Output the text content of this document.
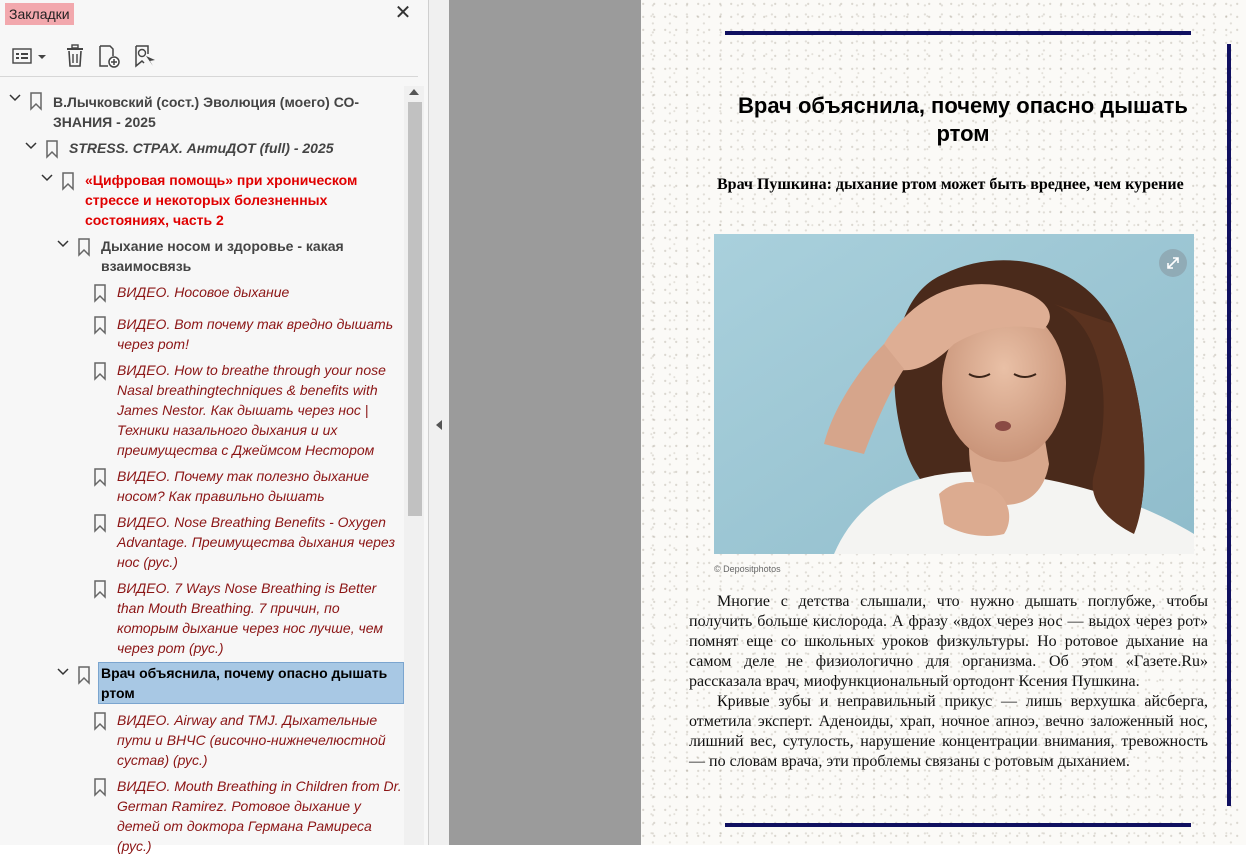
Закладки	✕
В.Лычковский (сост.) Эволюция (моего) СО-ЗНАНИЯ - 2025
STRESS. СТРАХ. АнтиДОТ (full) - 2025
«Цифровая помощь» при хроническом стрессе и некоторых болезненных состояниях, часть 2
Дыхание носом и здоровье - какая взаимосвязь
ВИДЕО. Носовое дыхание
ВИДЕО. Вот почему так вредно дышать через рот!
ВИДЕО. How to breathe through your nose Nasal breathingtechniques & benefits with James Nestor. Как дышать через нос | Техники назального дыхания и их преимущества с Джеймсом Нестором
ВИДЕО. Почему так полезно дыхание носом? Как правильно дышать
ВИДЕО. Nose Breathing Benefits - Oxygen Advantage. Преимущества дыхания через нос (рус.)
ВИДЕО. 7 Ways Nose Breathing is Better than Mouth Breathing. 7 причин, по которым дыхание через нос лучше, чем через рот (рус.)
Врач объяснила, почему опасно дышать ртом
ВИДЕО. Airway and TMJ. Дыхательные пути и ВНЧС (височно-нижнечелюстной сустав) (рус.)
ВИДЕО. Mouth Breathing in Children from Dr. German Ramirez. Ротовое дыхание у детей от доктора Германа Рамиреса (рус.)
Врач объяснила, почему опасно дышать ртом
Врач Пушкина: дыхание ртом может быть вреднее, чем курение
© Depositphotos

Многие с детства слышали, что нужно дышать поглубже, чтобы получить больше кислорода. А фразу «вдох через нос — выдох через рот» помнят еще со школьных уроков физкультуры. Но ротовое дыхание на самом деле не физиологично для организма. Об этом «Газете.Ru» рассказала врач, миофункциональный ортодонт Ксения Пушкина.

Кривые зубы и неправильный прикус — лишь верхушка айсберга, отметила эксперт. Аденоиды, храп, ночное апноэ, вечно заложенный нос, лишний вес, сутулость, нарушение концентрации внимания, тревожность — по словам врача, эти проблемы связаны с ротовым дыханием.
